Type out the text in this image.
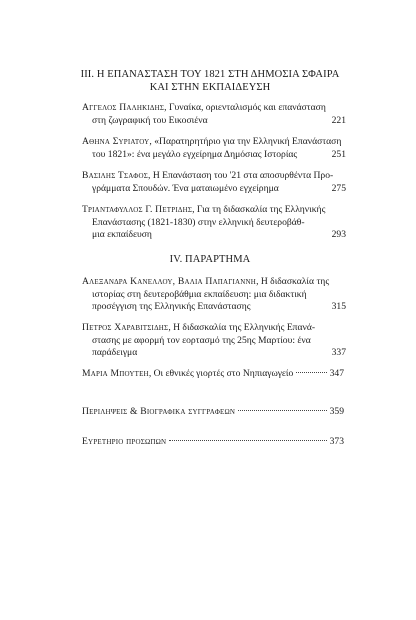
III. Η ΕΠΑΝΑΣΤΑΣΗ ΤΟΥ 1821 ΣΤΗ ΔΗΜΟΣΙΑ ΣΦΑΙΡΑ
ΚΑΙ ΣΤΗΝ ΕΚΠΑΙΔΕΥΣΗ
Αγγελος Παληκιδης, Γυναίκα, οριενταλισμός και επανάσταση
στη ζωγραφική του Εικοσιένα	221
Αθηνα Συριατου, «Παρατηρητήριο για την Ελληνική Επανάσταση
του 1821»: ένα μεγάλο εγχείρημα Δημόσιας Ιστορίας	251
Βασιλης Τσαφος, Η Επανάσταση του '21 στα αποσυρθέντα Προ-
γράμματα Σπουδών. Ένα ματαιωμένο εγχείρημα	275
Τριανταφυλλος Γ. Πετριδης, Για τη διδασκαλία της Ελληνικής
Επανάστασης (1821-1830) στην ελληνική δευτεροβάθ-
μια εκπαίδευση	293
IV. ΠΑΡΑΡΤΗΜΑ
Αλεξανδρα Κανελλου, Βαλια Παπαγιαννη, Η διδασκαλία της
ιστορίας στη δευτεροβάθμια εκπαίδευση: μια διδακτική
προσέγγιση της Ελληνικής Επανάστασης	315
Πετρος Χαραβιτσιδης, Η διδασκαλία της Ελληνικής Επανά-
στασης με αφορμή τον εορτασμό της 25ης Μαρτίου: ένα
παράδειγμα	337
Μαρια Μπουτεη, Οι εθνικές γιορτές στο Νηπιαγωγείο	347
Περιληψεις & Βιογραφικα συγγραφεων	359
Ευρετηριο προσωπων	373
